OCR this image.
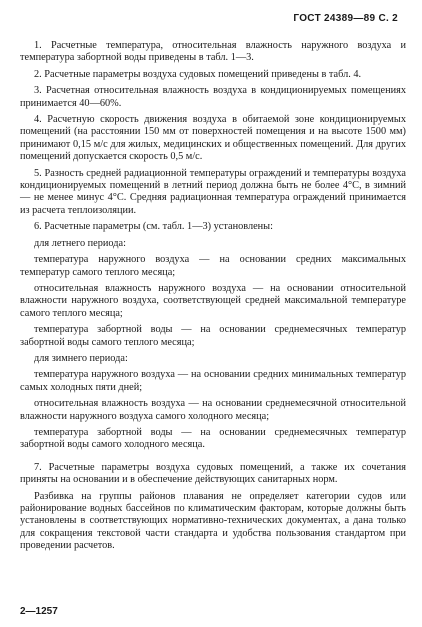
ГОСТ 24389—89 С. 2

1. Расчетные температура, относительная влажность наружного воздуха и температура забортной воды приведены в табл. 1—3.

2. Расчетные параметры воздуха судовых помещений приведены в табл. 4.

3. Расчетная относительная влажность воздуха в кондиционируемых помещениях принимается 40—60%.

4. Расчетную скорость движения воздуха в обитаемой зоне кондиционируемых помещений (на расстоянии 150 мм от поверхностей помещения и на высоте 1500 мм) принимают 0,15 м/с для жилых, медицинских и общественных помещений. Для других помещений допускается скорость 0,5 м/с.

5. Разность средней радиационной температуры ограждений и температуры воздуха кондиционируемых помещений в летний период должна быть не более 4°С, в зимний — не менее минус 4°С. Средняя радиационная температура ограждений принимается из расчета теплоизоляции.

6. Расчетные параметры (см. табл. 1—3) установлены:

для летнего периода:

температура наружного воздуха — на основании средних максимальных температур самого теплого месяца;

относительная влажность наружного воздуха — на основании относительной влажности наружного воздуха, соответствующей средней максимальной температуре самого теплого месяца;

температура забортной воды — на основании среднемесячных температур забортной воды самого теплого месяца;

для зимнего периода:

температура наружного воздуха — на основании средних минимальных температур самых холодных пяти дней;

относительная влажность воздуха — на основании среднемесячной относительной влажности наружного воздуха самого холодного месяца;

температура забортной воды — на основании среднемесячных температур забортной воды самого холодного месяца.

7. Расчетные параметры воздуха судовых помещений, а также их сочетания приняты на основании и в обеспечение действующих санитарных норм.

Разбивка на группы районов плавания не определяет категории судов или районирование водных бассейнов по климатическим факторам, которые должны быть установлены в соответствующих нормативно-технических документах, а дана только для сокращения текстовой части стандарта и удобства пользования стандартом при проведении расчетов.

2—1257
